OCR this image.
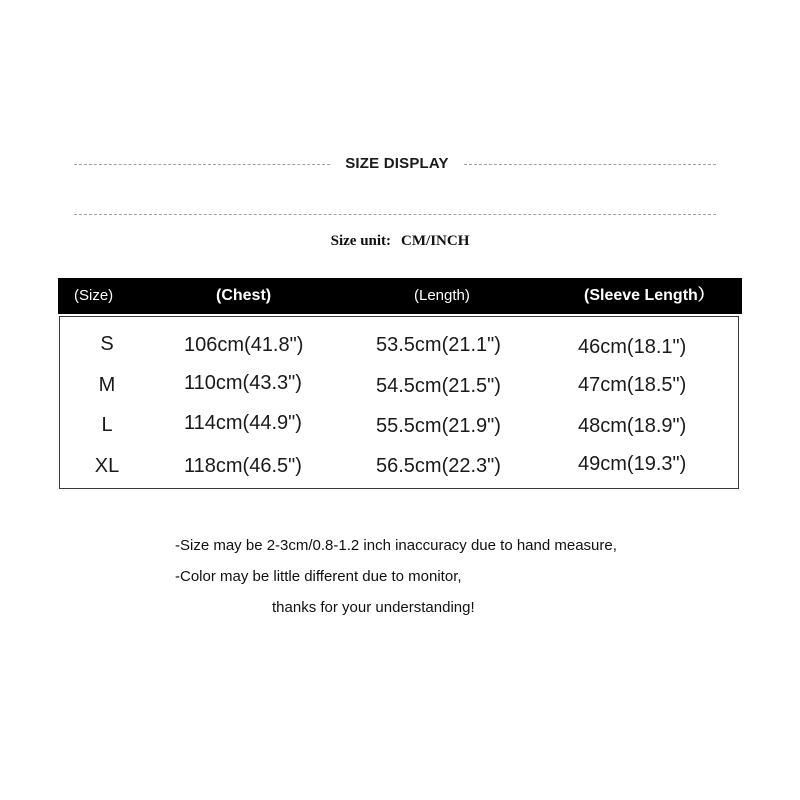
SIZE DISPLAY
Size unit: CM/INCH
(Size)	(Chest)	(Length)	(Sleeve Length）
S	106cm(41.8")	53.5cm(21.1")	46cm(18.1")
M	110cm(43.3")	54.5cm(21.5")	47cm(18.5")
L	114cm(44.9")	55.5cm(21.9")	48cm(18.9")
XL	118cm(46.5")	56.5cm(22.3")	49cm(19.3")
-Size may be 2-3cm/0.8-1.2 inch inaccuracy due to hand measure,
-Color may be little different due to monitor,
thanks for your understanding!
